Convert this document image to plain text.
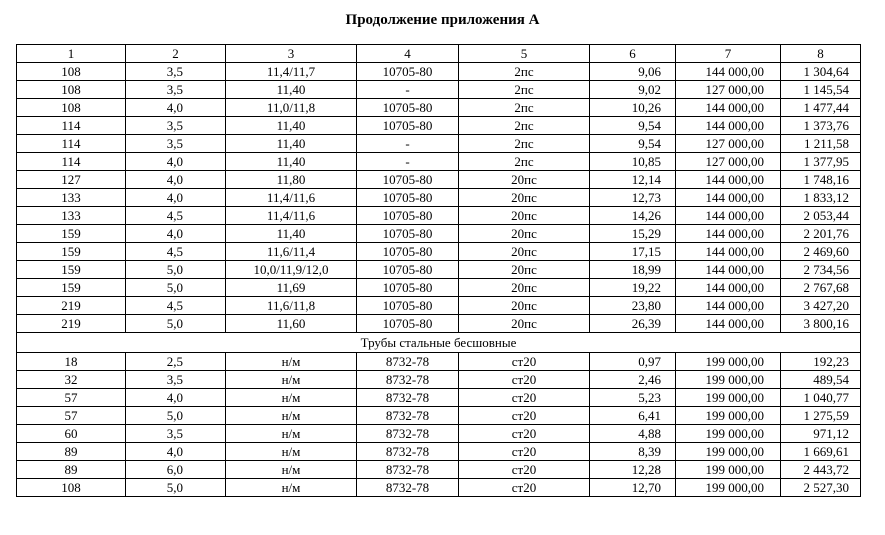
Продолжение приложения А
1	2	3	4	5	6	7	8
108	3,5	11,4/11,7	10705-80	2пс	9,06	144 000,00	1 304,64
108	3,5	11,40	-	2пс	9,02	127 000,00	1 145,54
108	4,0	11,0/11,8	10705-80	2пс	10,26	144 000,00	1 477,44
114	3,5	11,40	10705-80	2пс	9,54	144 000,00	1 373,76
114	3,5	11,40	-	2пс	9,54	127 000,00	1 211,58
114	4,0	11,40	-	2пс	10,85	127 000,00	1 377,95
127	4,0	11,80	10705-80	20пс	12,14	144 000,00	1 748,16
133	4,0	11,4/11,6	10705-80	20пс	12,73	144 000,00	1 833,12
133	4,5	11,4/11,6	10705-80	20пс	14,26	144 000,00	2 053,44
159	4,0	11,40	10705-80	20пс	15,29	144 000,00	2 201,76
159	4,5	11,6/11,4	10705-80	20пс	17,15	144 000,00	2 469,60
159	5,0	10,0/11,9/12,0	10705-80	20пс	18,99	144 000,00	2 734,56
159	5,0	11,69	10705-80	20пс	19,22	144 000,00	2 767,68
219	4,5	11,6/11,8	10705-80	20пс	23,80	144 000,00	3 427,20
219	5,0	11,60	10705-80	20пс	26,39	144 000,00	3 800,16
Трубы стальные бесшовные							
18	2,5	н/м	8732-78	ст20	0,97	199 000,00	192,23
32	3,5	н/м	8732-78	ст20	2,46	199 000,00	489,54
57	4,0	н/м	8732-78	ст20	5,23	199 000,00	1 040,77
57	5,0	н/м	8732-78	ст20	6,41	199 000,00	1 275,59
60	3,5	н/м	8732-78	ст20	4,88	199 000,00	971,12
89	4,0	н/м	8732-78	ст20	8,39	199 000,00	1 669,61
89	6,0	н/м	8732-78	ст20	12,28	199 000,00	2 443,72
108	5,0	н/м	8732-78	ст20	12,70	199 000,00	2 527,30
